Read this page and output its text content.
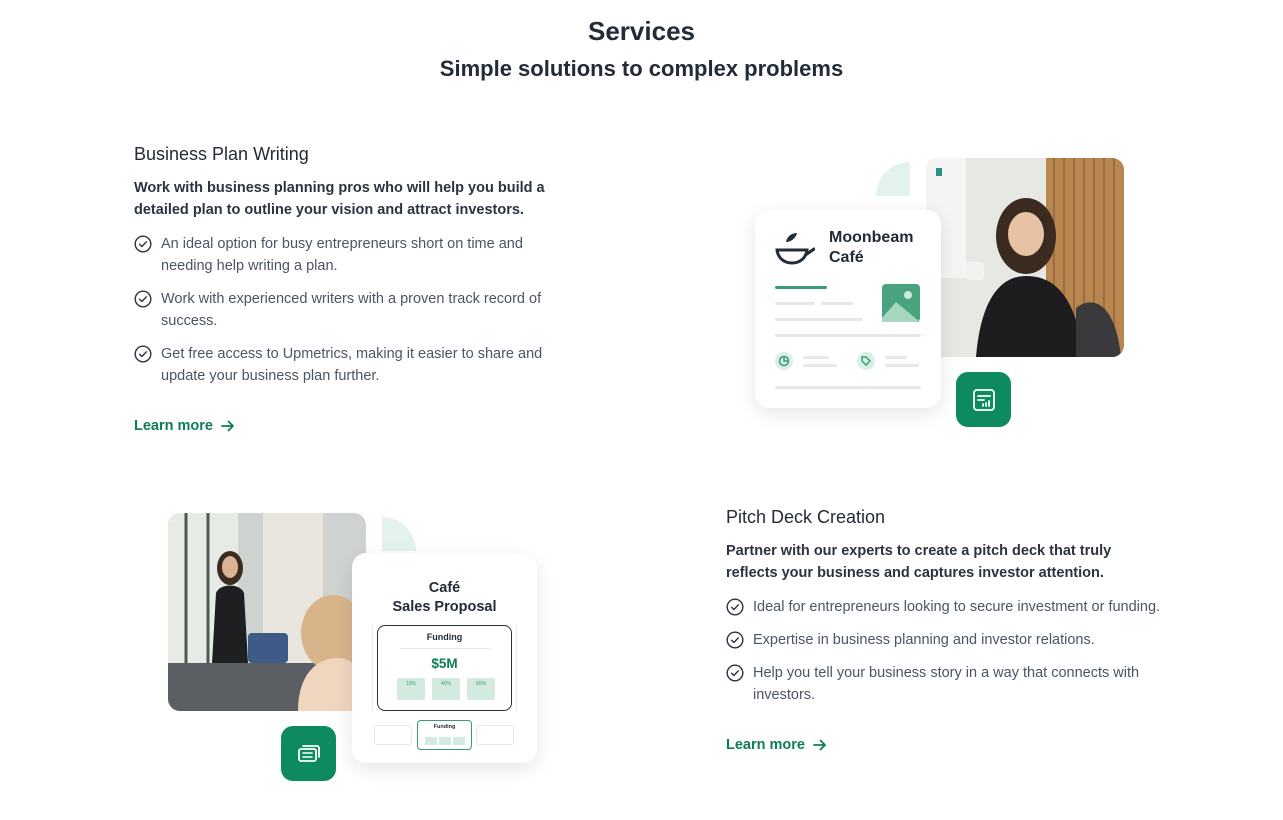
Services
Simple solutions to complex problems
Business Plan Writing

Work with business planning pros who will help you build a detailed plan to outline your vision and attract investors.

An ideal option for busy entrepreneurs short on time and needing help writing a plan.
Work with experienced writers with a proven track record of success.
Get free access to Upmetrics, making it easier to share and update your business plan further.
Learn more
Moonbeam
Café
Café
Sales Proposal
Funding
$5M
10%	40%	50%
Funding
Pitch Deck Creation

Partner with our experts to create a pitch deck that truly reflects your business and captures investor attention.

Ideal for entrepreneurs looking to secure investment or funding.
Expertise in business planning and investor relations.
Help you tell your business story in a way that connects with investors.
Learn more
